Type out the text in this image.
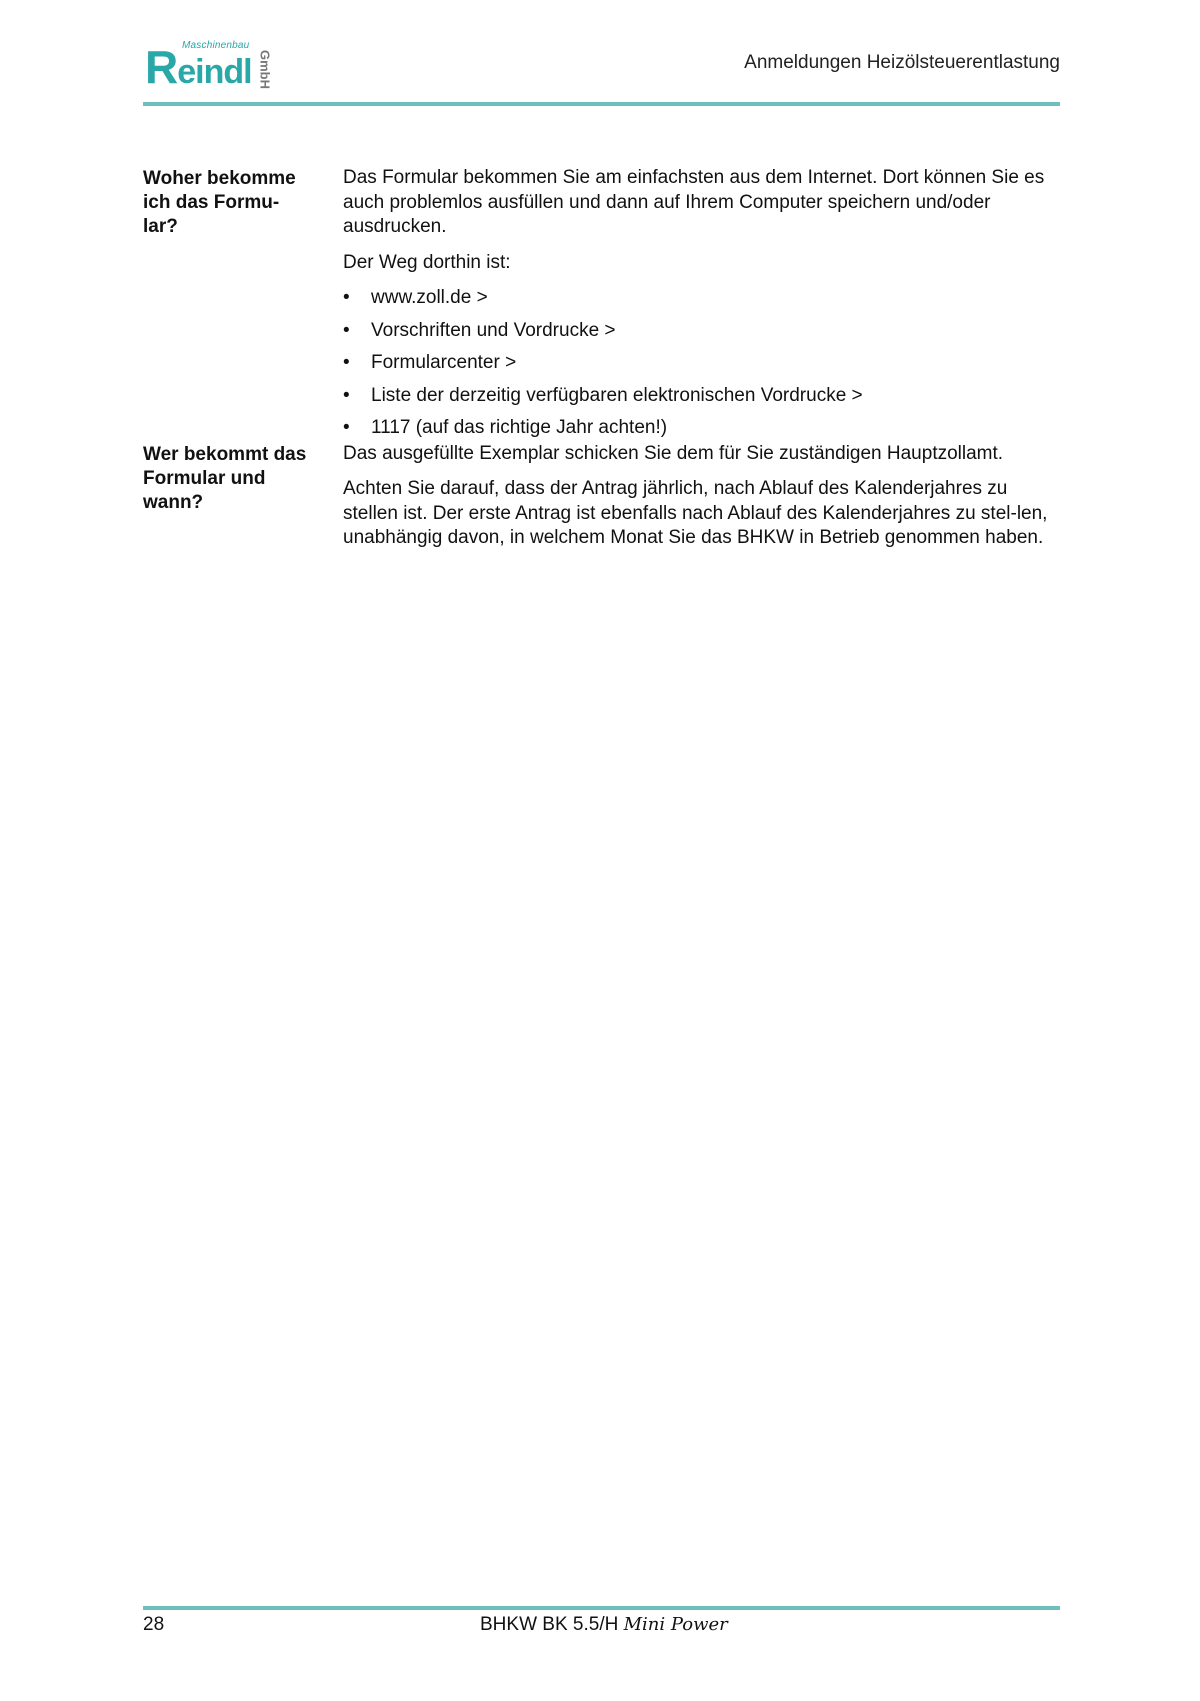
Maschinenbau
Reindl GmbH	Anmeldungen Heizölsteuerentlastung
Woher bekomme
ich das Formu-
lar?

Das Formular bekommen Sie am einfachsten aus dem Internet. Dort können Sie es auch problemlos ausfüllen und dann auf Ihrem Computer speichern und/oder ausdrucken.

Der Weg dorthin ist:

• www.zoll.de >
• Vorschriften und Vordrucke >
• Formularcenter >
• Liste der derzeitig verfügbaren elektronischen Vordrucke >
• 1117 (auf das richtige Jahr achten!)
Wer bekommt das
Formular und
wann?

Das ausgefüllte Exemplar schicken Sie dem für Sie zuständigen Hauptzollamt.

Achten Sie darauf, dass der Antrag jährlich, nach Ablauf des Kalenderjahres zu stellen ist. Der erste Antrag ist ebenfalls nach Ablauf des Kalenderjahres zu stel-len, unabhängig davon, in welchem Monat Sie das BHKW in Betrieb genommen haben.

28	BHKW BK 5.5/H Mini Power
